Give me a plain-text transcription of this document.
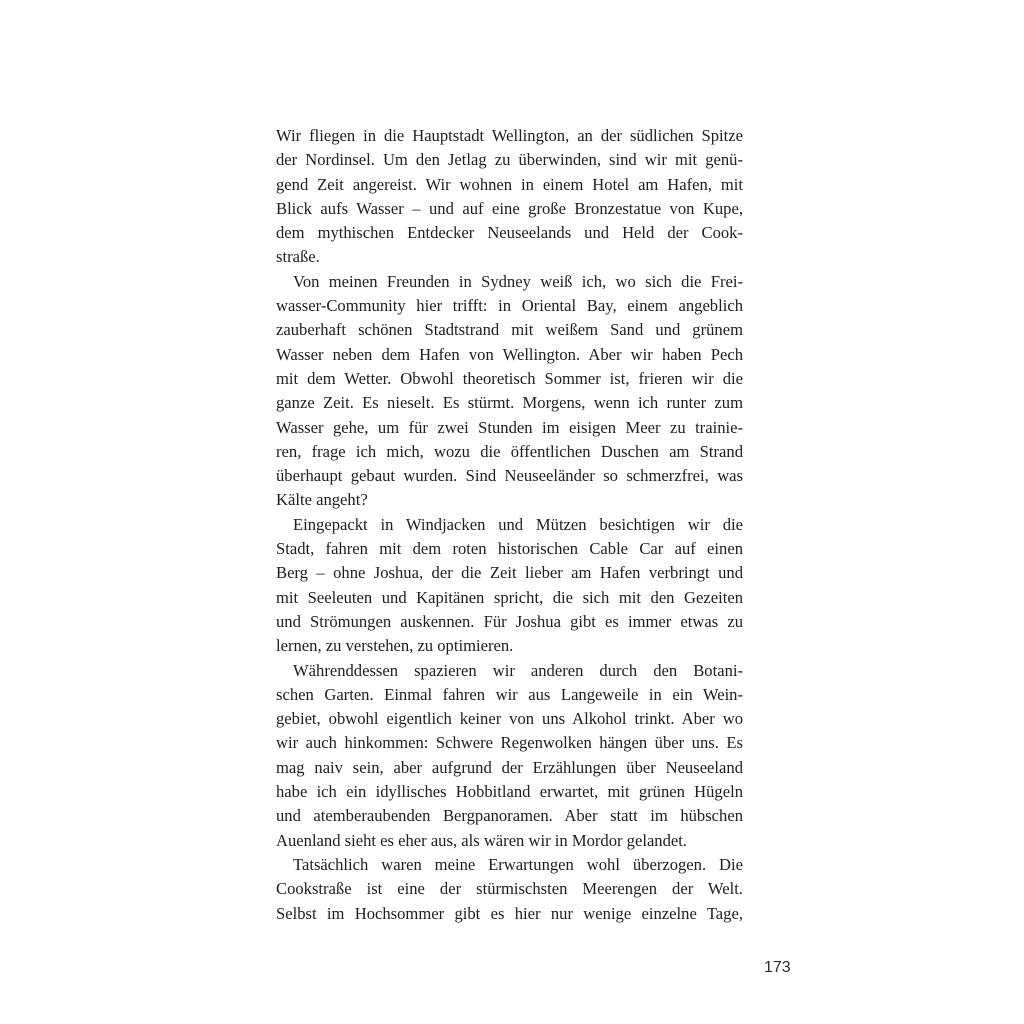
Wir fliegen in die Hauptstadt Wellington, an der südlichen Spitze
der Nordinsel. Um den Jetlag zu überwinden, sind wir mit genü-
gend Zeit angereist. Wir wohnen in einem Hotel am Hafen, mit
Blick aufs Wasser – und auf eine große Bronzestatue von Kupe,
dem mythischen Entdecker Neuseelands und Held der Cook-
straße.
Von meinen Freunden in Sydney weiß ich, wo sich die Frei-
wasser-Community hier trifft: in Oriental Bay, einem angeblich
zauberhaft schönen Stadtstrand mit weißem Sand und grünem
Wasser neben dem Hafen von Wellington. Aber wir haben Pech
mit dem Wetter. Obwohl theoretisch Sommer ist, frieren wir die
ganze Zeit. Es nieselt. Es stürmt. Morgens, wenn ich runter zum
Wasser gehe, um für zwei Stunden im eisigen Meer zu trainie-
ren, frage ich mich, wozu die öffentlichen Duschen am Strand
überhaupt gebaut wurden. Sind Neuseeländer so schmerzfrei, was
Kälte angeht?
Eingepackt in Windjacken und Mützen besichtigen wir die
Stadt, fahren mit dem roten historischen Cable Car auf einen
Berg – ohne Joshua, der die Zeit lieber am Hafen verbringt und
mit Seeleuten und Kapitänen spricht, die sich mit den Gezeiten
und Strömungen auskennen. Für Joshua gibt es immer etwas zu
lernen, zu verstehen, zu optimieren.
Währenddessen spazieren wir anderen durch den Botani-
schen Garten. Einmal fahren wir aus Langeweile in ein Wein-
gebiet, obwohl eigentlich keiner von uns Alkohol trinkt. Aber wo
wir auch hinkommen: Schwere Regenwolken hängen über uns. Es
mag naiv sein, aber aufgrund der Erzählungen über Neuseeland
habe ich ein idyllisches Hobbitland erwartet, mit grünen Hügeln
und atemberaubenden Bergpanoramen. Aber statt im hübschen
Auenland sieht es eher aus, als wären wir in Mordor gelandet.
Tatsächlich waren meine Erwartungen wohl überzogen. Die
Cookstraße ist eine der stürmischsten Meerengen der Welt.
Selbst im Hochsommer gibt es hier nur wenige einzelne Tage,
173
